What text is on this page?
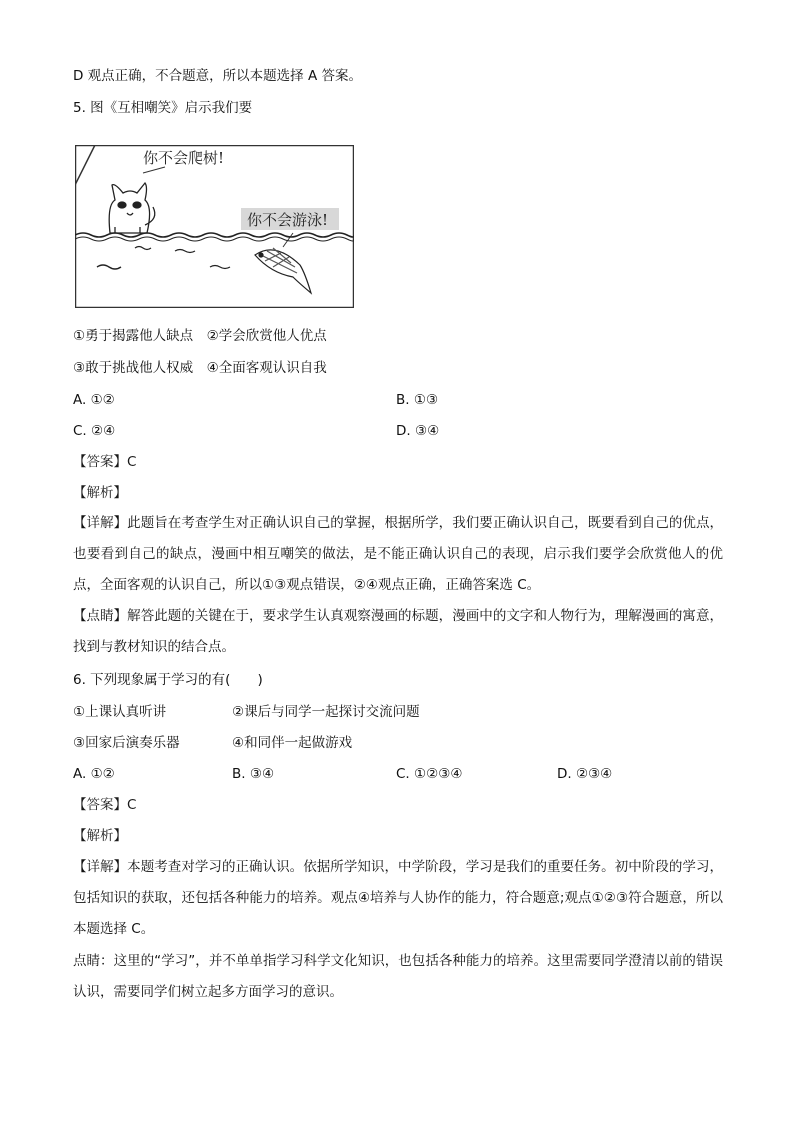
D 观点正确，不合题意，所以本题选择 A 答案。
5. 图《互相嘲笑》启示我们要
你不会爬树!
你不会游泳!
①勇于揭露他人缺点　②学会欣赏他人优点
③敢于挑战他人权威　④全面客观认识自我
A. ①②	B. ①③
C. ②④	D. ③④
【答案】C
【解析】
【详解】此题旨在考查学生对正确认识自己的掌握，根据所学，我们要正确认识自己，既要看到自己的优点，也要看到自己的缺点，漫画中相互嘲笑的做法，是不能正确认识自己的表现，启示我们要学会欣赏他人的优点，全面客观的认识自己，所以①③观点错误，②④观点正确，正确答案选 C。
【点睛】解答此题的关键在于，要求学生认真观察漫画的标题，漫画中的文字和人物行为，理解漫画的寓意，找到与教材知识的结合点。
6. 下列现象属于学习的有(　　)
①上课认真听讲	②课后与同学一起探讨交流问题
③回家后演奏乐器	④和同伴一起做游戏
A. ①②	B. ③④	C. ①②③④	D. ②③④
【答案】C
【解析】
【详解】本题考查对学习的正确认识。依据所学知识，中学阶段，学习是我们的重要任务。初中阶段的学习，包括知识的获取，还包括各种能力的培养。观点④培养与人协作的能力，符合题意;观点①②③符合题意，所以本题选择 C。
点睛：这里的“学习”，并不单单指学习科学文化知识，也包括各种能力的培养。这里需要同学澄清以前的错误认识，需要同学们树立起多方面学习的意识。
